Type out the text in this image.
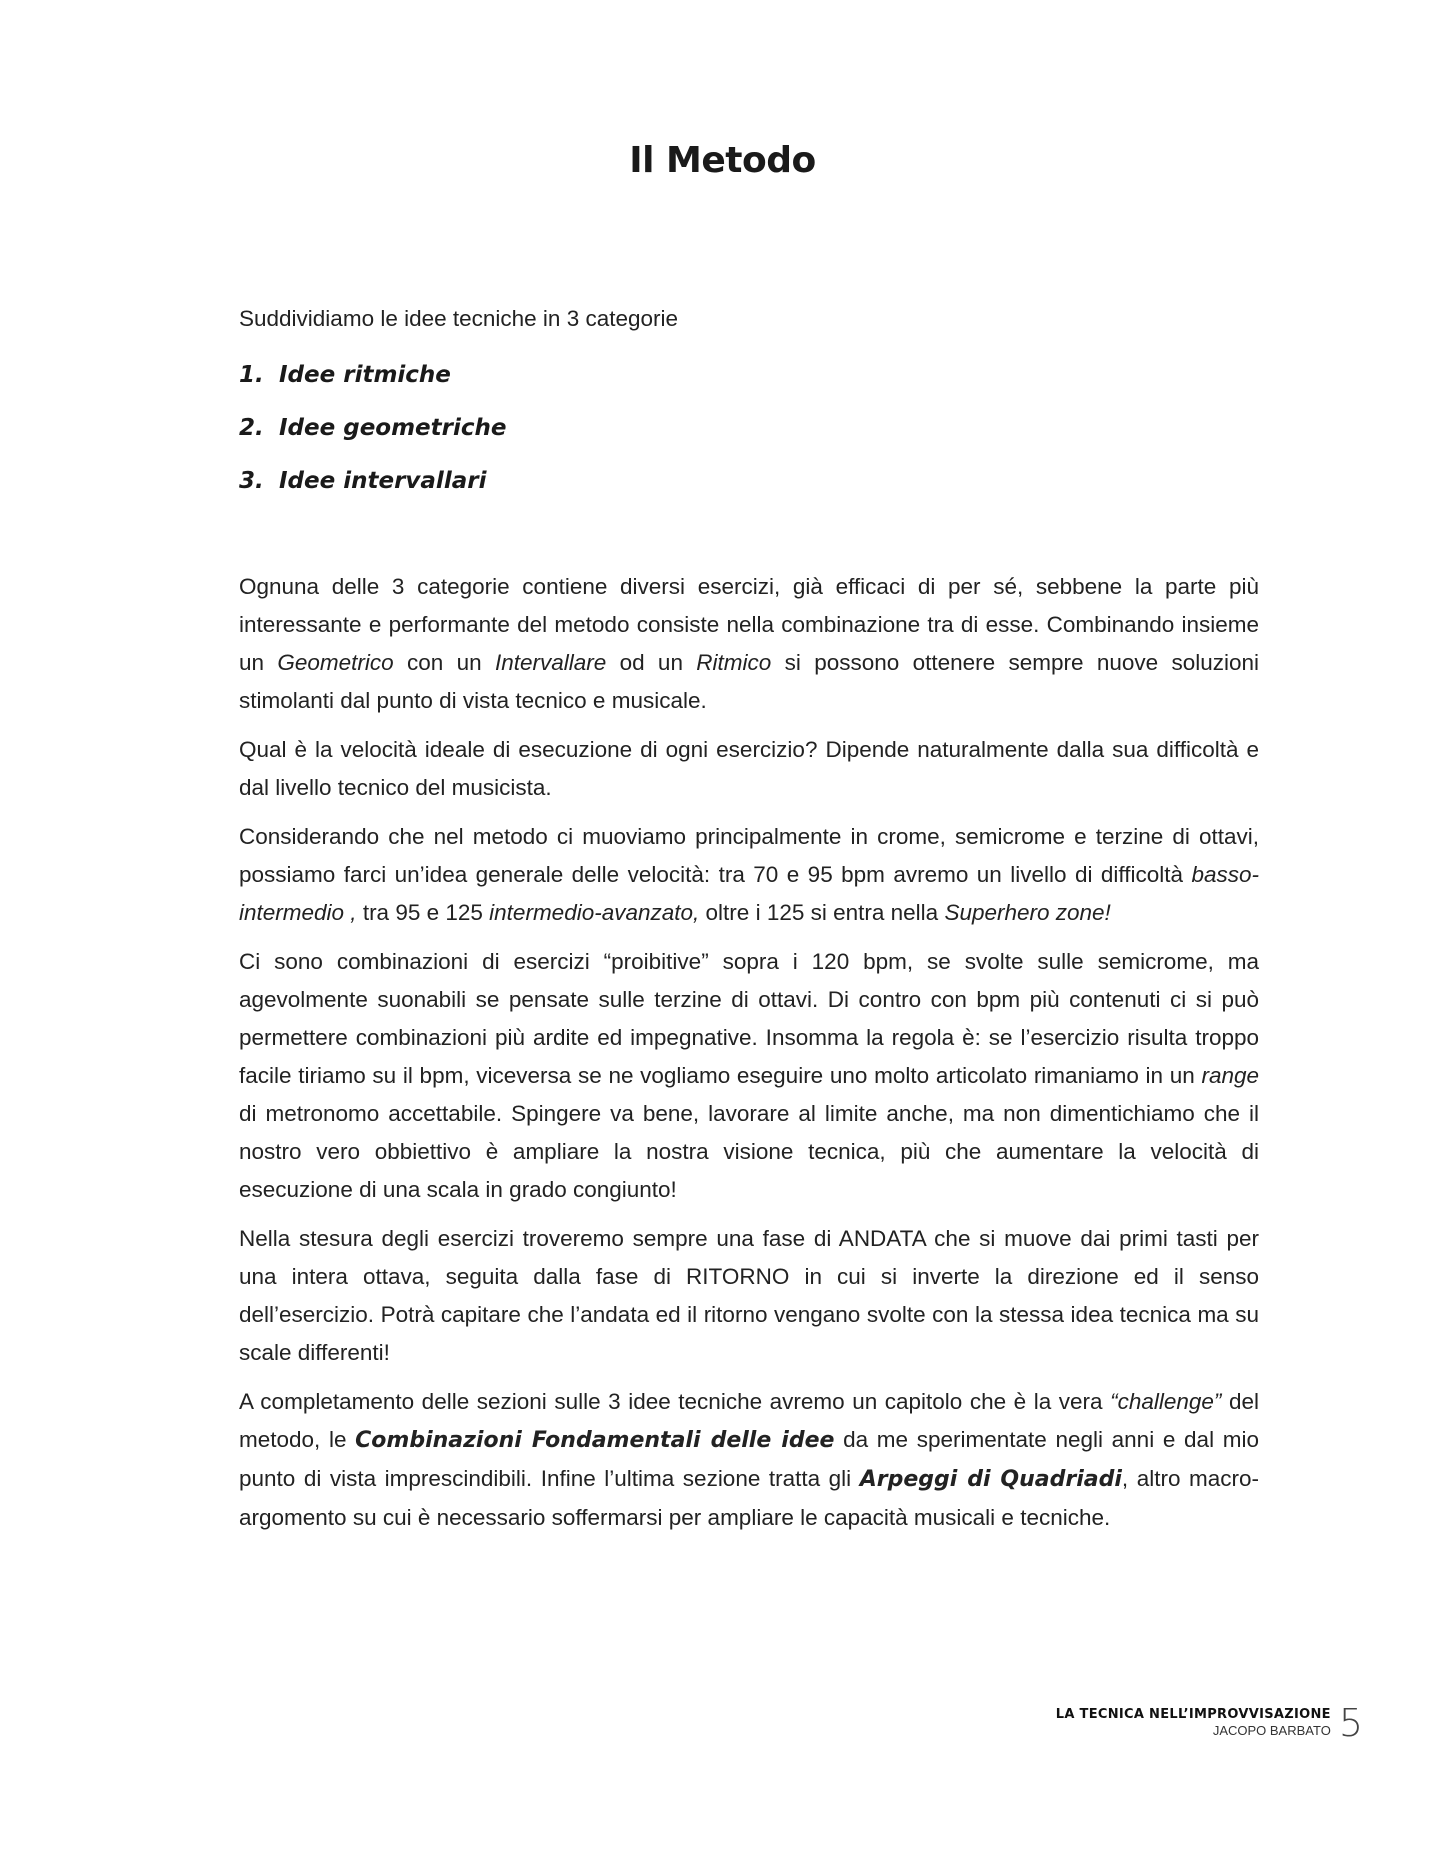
Il Metodo

Suddividiamo le idee tecniche in 3 categorie

1. Idee ritmiche
2. Idee geometriche
3. Idee intervallari

Ognuna delle 3 categorie contiene diversi esercizi, già efficaci di per sé, sebbene la parte più interessante e performante del metodo consiste nella combinazione tra di esse. Combinando insieme un Geometrico con un Intervallare od un Ritmico si possono ottenere sempre nuove soluzioni stimolanti dal punto di vista tecnico e musicale.

Qual è la velocità ideale di esecuzione di ogni esercizio? Dipende naturalmente dalla sua difficoltà e dal livello tecnico del musicista.

Considerando che nel metodo ci muoviamo principalmente in crome, semicrome e terzine di ottavi, possiamo farci un’idea generale delle velocità: tra 70 e 95 bpm avremo un livello di difficoltà basso-intermedio , tra 95 e 125 intermedio-avanzato, oltre i 125 si entra nella Superhero zone!

Ci sono combinazioni di esercizi “proibitive” sopra i 120 bpm, se svolte sulle semicrome, ma agevolmente suonabili se pensate sulle terzine di ottavi. Di contro con bpm più contenuti ci si può permettere combinazioni più ardite ed impegnative. Insomma la regola è: se l’esercizio risulta troppo facile tiriamo su il bpm, viceversa se ne vogliamo eseguire uno molto articolato rimaniamo in un range di metronomo accettabile. Spingere va bene, lavorare al limite anche, ma non dimentichiamo che il nostro vero obbiettivo è ampliare la nostra visione tecnica, più che aumentare la velocità di esecuzione di una scala in grado congiunto!

Nella stesura degli esercizi troveremo sempre una fase di ANDATA che si muove dai primi tasti per una intera ottava, seguita dalla fase di RITORNO in cui si inverte la direzione ed il senso dell’esercizio. Potrà capitare che l’andata ed il ritorno vengano svolte con la stessa idea tecnica ma su scale differenti!

A completamento delle sezioni sulle 3 idee tecniche avremo un capitolo che è la vera “challenge” del metodo, le Combinazioni Fondamentali delle idee da me sperimentate negli anni e dal mio punto di vista imprescindibili. Infine l’ultima sezione tratta gli Arpeggi di Quadriadi, altro macro-argomento su cui è necessario soffermarsi per ampliare le capacità musicali e tecniche.

LA TECNICA NELL’IMPROVVISAZIONE
JACOPO BARBATO 5
